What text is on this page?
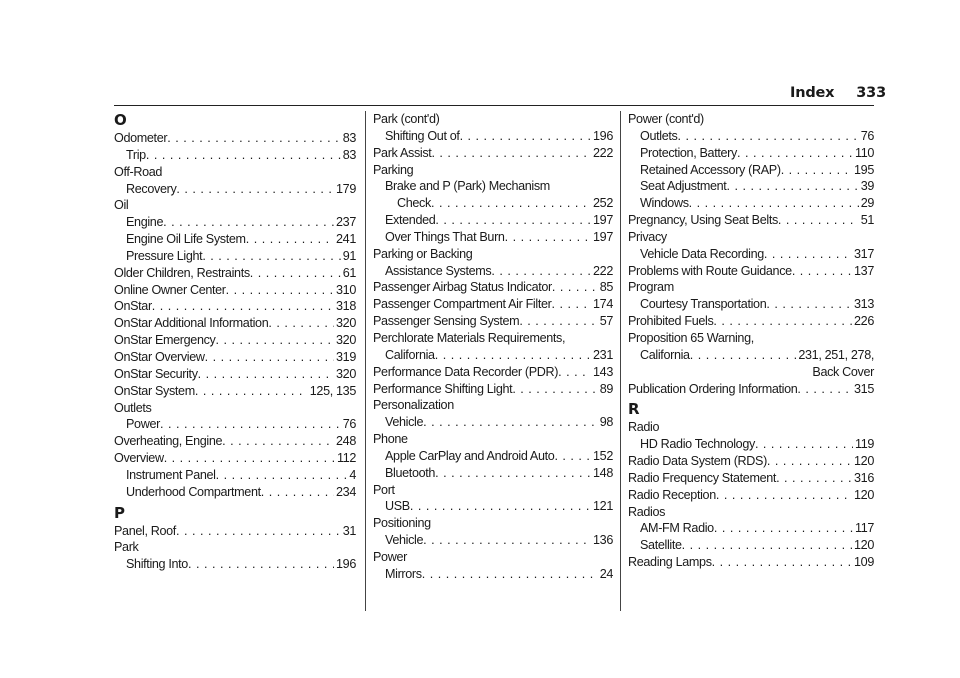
Index 333
O
Odometer . . .	83
Trip . . .	83
Off-Road
Recovery . . .	179
Oil
Engine . . .	237
Engine Oil Life System . . .	241
Pressure Light . . .	91
Older Children, Restraints . . .	61
Online Owner Center . . .	310
OnStar . . .	318
OnStar Additional Information . . .	320
OnStar Emergency . . .	320
OnStar Overview . . .	319
OnStar Security . . .	320
OnStar System . . .	125, 135
Outlets
Power . . .	76
Overheating, Engine . . .	248
Overview . . .	112
Instrument Panel . . .	4
Underhood Compartment . . .	234
P
Panel, Roof . . .	31
Park
Shifting Into . . .	196
Park (cont'd)
Shifting Out of . . .	196
Park Assist . . .	222
Parking
Brake and P (Park) Mechanism
Check . . .	252
Extended . . .	197
Over Things That Burn . . .	197
Parking or Backing
Assistance Systems . . .	222
Passenger Airbag Status Indicator . . .	85
Passenger Compartment Air Filter . . .	174
Passenger Sensing System . . .	57
Perchlorate Materials Requirements,
California . . .	231
Performance Data Recorder (PDR) . . .	143
Performance Shifting Light . . .	89
Personalization
Vehicle . . .	98
Phone
Apple CarPlay and Android Auto . . .	152
Bluetooth . . .	148
Port
USB . . .	121
Positioning
Vehicle . . .	136
Power
Mirrors . . .	24
Power (cont'd)
Outlets . . .	76
Protection, Battery . . .	110
Retained Accessory (RAP) . . .	195
Seat Adjustment . . .	39
Windows . . .	29
Pregnancy, Using Seat Belts . . .	51
Privacy
Vehicle Data Recording . . .	317
Problems with Route Guidance . . .	137
Program
Courtesy Transportation . . .	313
Prohibited Fuels . . .	226
Proposition 65 Warning,
California . . .	231, 251, 278,
Back Cover
Publication Ordering Information . . .	315
R
Radio
HD Radio Technology . . .	119
Radio Data System (RDS) . . .	120
Radio Frequency Statement . . .	316
Radio Reception . . .	120
Radios
AM-FM Radio . . .	117
Satellite . . .	120
Reading Lamps . . .	109
